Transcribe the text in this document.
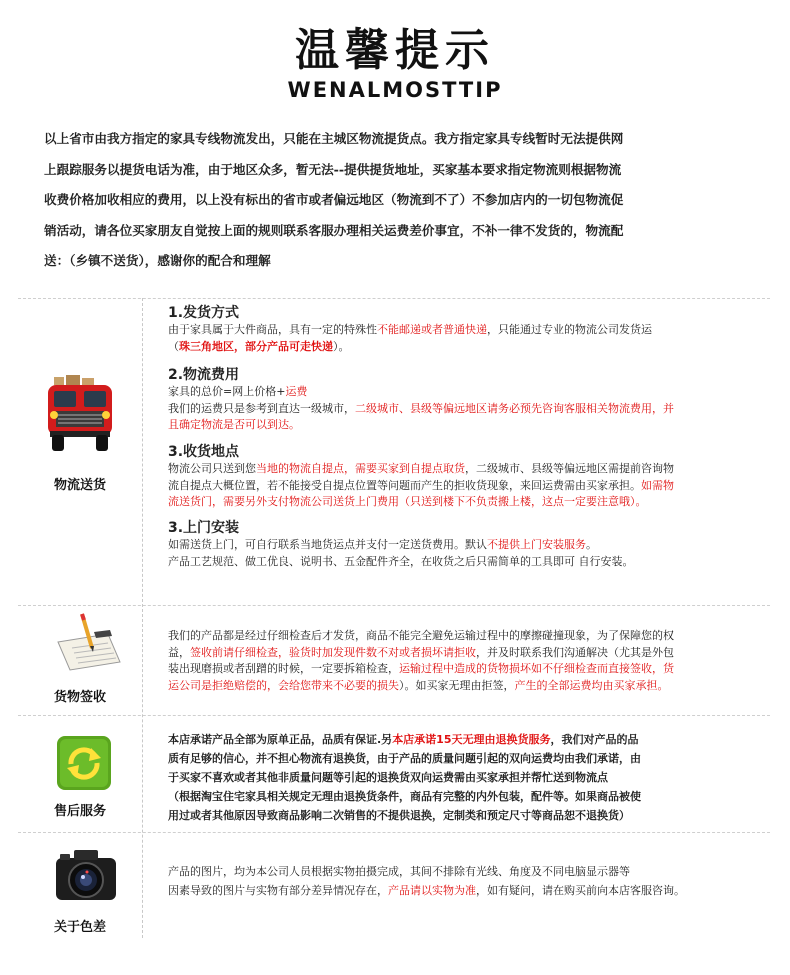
温馨提示
WENALMOSTTIP
以上省市由我方指定的家具专线物流发出，只能在主城区物流提货点。我方指定家具专线暂时无法提供网
上跟踪服务以提货电话为准，由于地区众多，暂无法--提供提货地址，买家基本要求指定物流则根据物流
收费价格加收相应的费用，以上没有标出的省市或者偏远地区（物流到不了）不参加店内的一切包物流促
销活动，请各位买家朋友自觉按上面的规则联系客服办理相关运费差价事宜，不补一律不发货的，物流配
送：（乡镇不送货），感谢你的配合和理解
物流送货
1.发货方式
由于家具属于大件商品，具有一定的特殊性不能邮递或者普通快递，只能通过专业的物流公司发货运
（珠三角地区，部分产品可走快递）。
2.物流费用
家具的总价=网上价格+运费
我们的运费只是参考到直达一级城市，二级城市、县级等偏远地区请务必预先咨询客服相关物流费用，并
且确定物流是否可以到达。
3.收货地点
物流公司只送到您当地的物流自提点，需要买家到自提点取货，二级城市、县级等偏远地区需提前咨询物
流自提点大概位置，若不能接受自提点位置等问题而产生的拒收货现象，来回运费需由买家承担。如需物
流送货门，需要另外支付物流公司送货上门费用（只送到楼下不负责搬上楼，这点一定要注意哦）。
3.上门安装
如需送货上门，可自行联系当地货运点并支付一定送货费用。默认不提供上门安装服务。
产品工艺规范、做工优良、说明书、五金配件齐全，在收货之后只需简单的工具即可 自行安装。
货物签收
我们的产品都是经过仔细检查后才发货，商品不能完全避免运输过程中的摩擦碰撞现象，为了保障您的权
益，签收前请仔细检查，验货时加发现件数不对或者损坏请拒收，并及时联系我们沟通解决（尤其是外包
装出现磨损或者刮蹭的时候，一定要拆箱检查，运输过程中造成的货物损坏如不仔细检查而直接签收，货
运公司是拒绝赔偿的，会给您带来不必要的损失）。如买家无理由拒签，产生的全部运费均由买家承担。
售后服务
本店承诺产品全部为原单正品，品质有保证.另本店承诺15天无理由退换货服务，我们对产品的品
质有足够的信心，并不担心物流有退换货，由于产品的质量问题引起的双向运费均由我们承诺，由
于买家不喜欢或者其他非质量问题等引起的退换货双向运费需由买家承担并帮忙送到物流点
（根据淘宝住宅家具相关规定无理由退换货条件，商品有完整的内外包装，配件等。如果商品被使
用过或者其他原因导致商品影响二次销售的不提供退换，定制类和预定尺寸等商品恕不退换货）
关于色差
产品的图片，均为本公司人员根据实物拍摄完成，其间不排除有光线、角度及不同电脑显示器等
因素导致的图片与实物有部分差异情况存在，产品请以实物为准，如有疑问，请在购买前向本店客服咨询。
